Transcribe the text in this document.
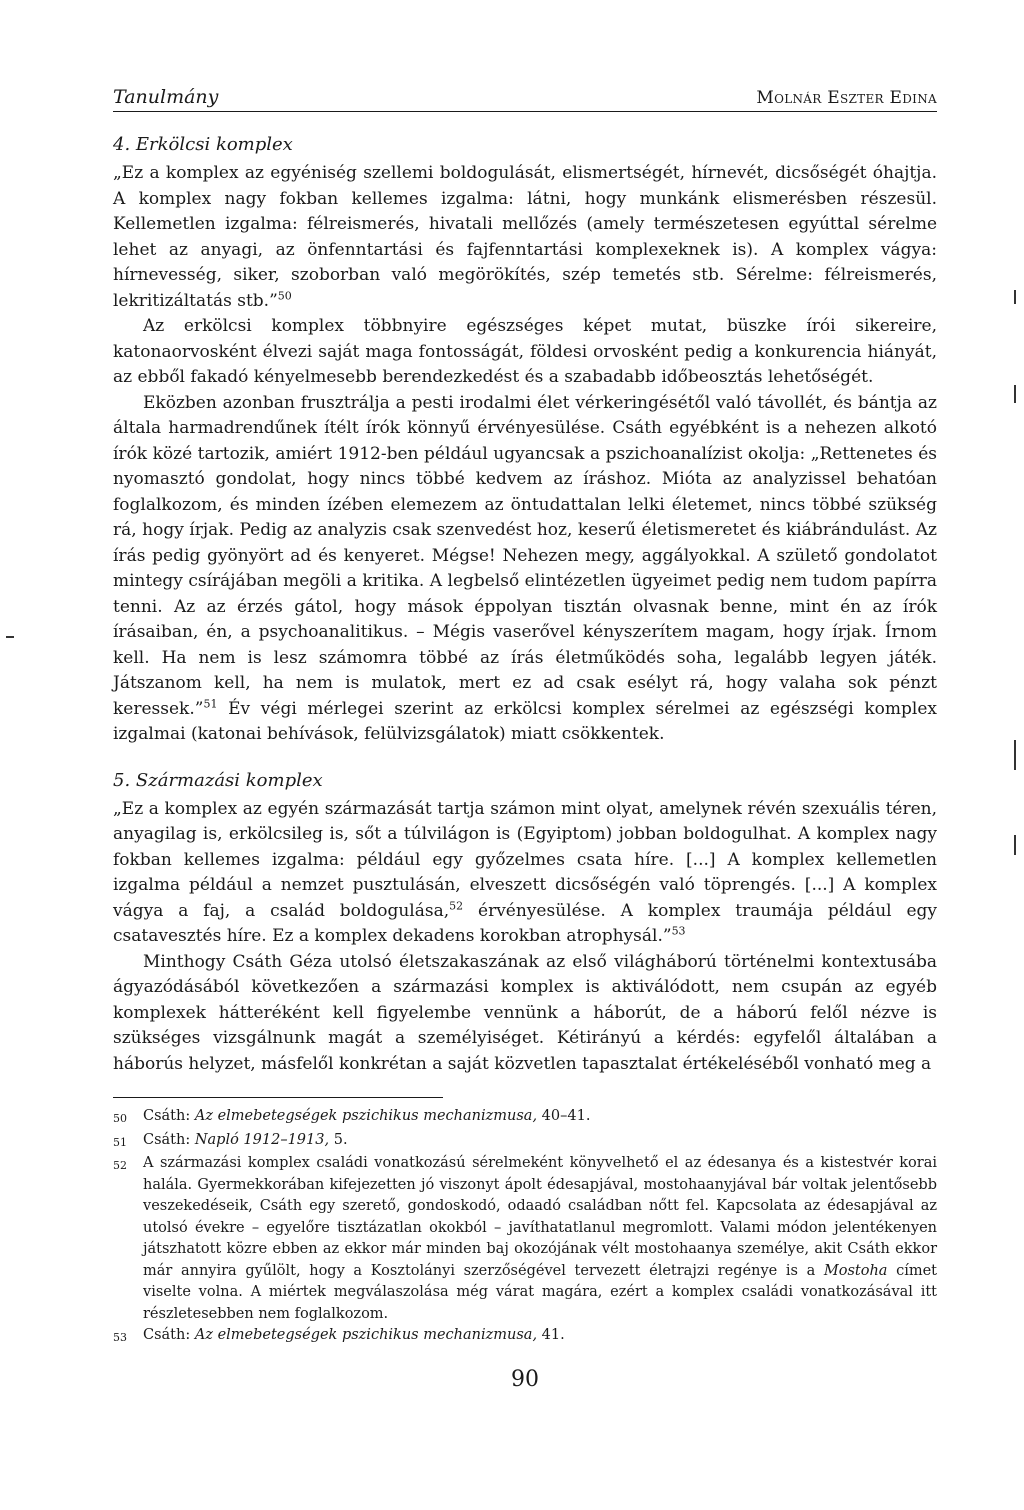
Tanulmány	Molnár Eszter Edina
4. Erkölcsi komplex

„Ez a komplex az egyéniség szellemi boldogulását, elismertségét, hírnevét, dicsőségét óhajtja. A komplex nagy fokban kellemes izgalma: látni, hogy munkánk elismerésben részesül. Kellemetlen izgalma: félreismerés, hivatali mellőzés (amely természetesen egyúttal sérelme lehet az anyagi, az önfenntartási és fajfenntartási komplexeknek is). A komplex vágya: hírnevesség, siker, szoborban való megörökítés, szép temetés stb. Sérelme: félreismerés, lekritizáltatás stb.”$^{50}$

Az erkölcsi komplex többnyire egészséges képet mutat, büszke írói sikereire, katonaorvosként élvezi saját maga fontosságát, földesi orvosként pedig a konkurencia hiányát, az ebből fakadó kényelmesebb berendezkedést és a szabadabb időbeosztás lehetőségét.

Eközben azonban frusztrálja a pesti irodalmi élet vérkeringésétől való távollét, és bántja az általa harmadrendűnek ítélt írók könnyű érvényesülése. Csáth egyébként is a nehezen alkotó írók közé tartozik, amiért 1912-ben például ugyancsak a pszichoanalízist okolja: „Rettenetes és nyomasztó gondolat, hogy nincs többé kedvem az íráshoz. Mióta az analyzissel behatóan foglalkozom, és minden ízében elemezem az öntudattalan lelki életemet, nincs többé szükség rá, hogy írjak. Pedig az analyzis csak szenvedést hoz, keserű életismeretet és kiábrándulást. Az írás pedig gyönyört ad és kenyeret. Mégse! Nehezen megy, aggályokkal. A születő gondolatot mintegy csírájában megöli a kritika. A legbelső elintézetlen ügyeimet pedig nem tudom papírra tenni. Az az érzés gátol, hogy mások éppolyan tisztán olvasnak benne, mint én az írók írásaiban, én, a psychoanalitikus. – Mégis vaserővel kényszerítem magam, hogy írjak. Írnom kell. Ha nem is lesz számomra többé az írás életműködés soha, legalább legyen játék. Játszanom kell, ha nem is mulatok, mert ez ad csak esélyt rá, hogy valaha sok pénzt keressek.”$^{51}$ Év végi mérlegei szerint az erkölcsi komplex sérelmei az egészségi komplex izgalmai (katonai behívások, felülvizsgálatok) miatt csökkentek.

5. Származási komplex

„Ez a komplex az egyén származását tartja számon mint olyat, amelynek révén szexuális téren, anyagilag is, erkölcsileg is, sőt a túlvilágon is (Egyiptom) jobban boldogulhat. A komplex nagy fokban kellemes izgalma: például egy győzelmes csata híre. [...] A komplex kellemetlen izgalma például a nemzet pusztulásán, elveszett dicsőségén való töprengés. [...] A komplex vágya a faj, a család boldogulása,$^{52}$ érvényesülése. A komplex traumája például egy csatavesztés híre. Ez a komplex dekadens korokban atrophysál.”$^{53}$

Minthogy Csáth Géza utolsó életszakaszának az első világháború történelmi kontextusába ágyazódásából következően a származási komplex is aktiválódott, nem csupán az egyéb komplexek hátteréként kell figyelembe vennünk a háborút, de a háború felől nézve is szükséges vizsgálnunk magát a személyiséget. Kétirányú a kérdés: egyfelől általában a háborús helyzet, másfelől konkrétan a saját közvetlen tapasztalat értékeléséből vonható meg a

50	Csáth: Az elmebetegségek pszichikus mechanizmusa, 40–41.
51	Csáth: Napló 1912–1913, 5.
52	A származási komplex családi vonatkozású sérelmeként könyvelhető el az édesanya és a kistestvér korai halála. Gyermekkorában kifejezetten jó viszonyt ápolt édesapjával, mostohaanyjával bár voltak jelentősebb veszekedéseik, Csáth egy szerető, gondoskodó, odaadó családban nőtt fel. Kapcsolata az édesapjával az utolsó évekre – egyelőre tisztázatlan okokból – javíthatatlanul megromlott. Valami módon jelentékenyen játszhatott közre ebben az ekkor már minden baj okozójának vélt mostohaanya személye, akit Csáth ekkor már annyira gyűlölt, hogy a Kosztolányi szerzőségével tervezett életrajzi regénye is a Mostoha címet viselte volna. A miértek megválaszolása még várat magára, ezért a komplex családi vonatkozásával itt részletesebben nem foglalkozom.
53	Csáth: Az elmebetegségek pszichikus mechanizmusa, 41.
90
